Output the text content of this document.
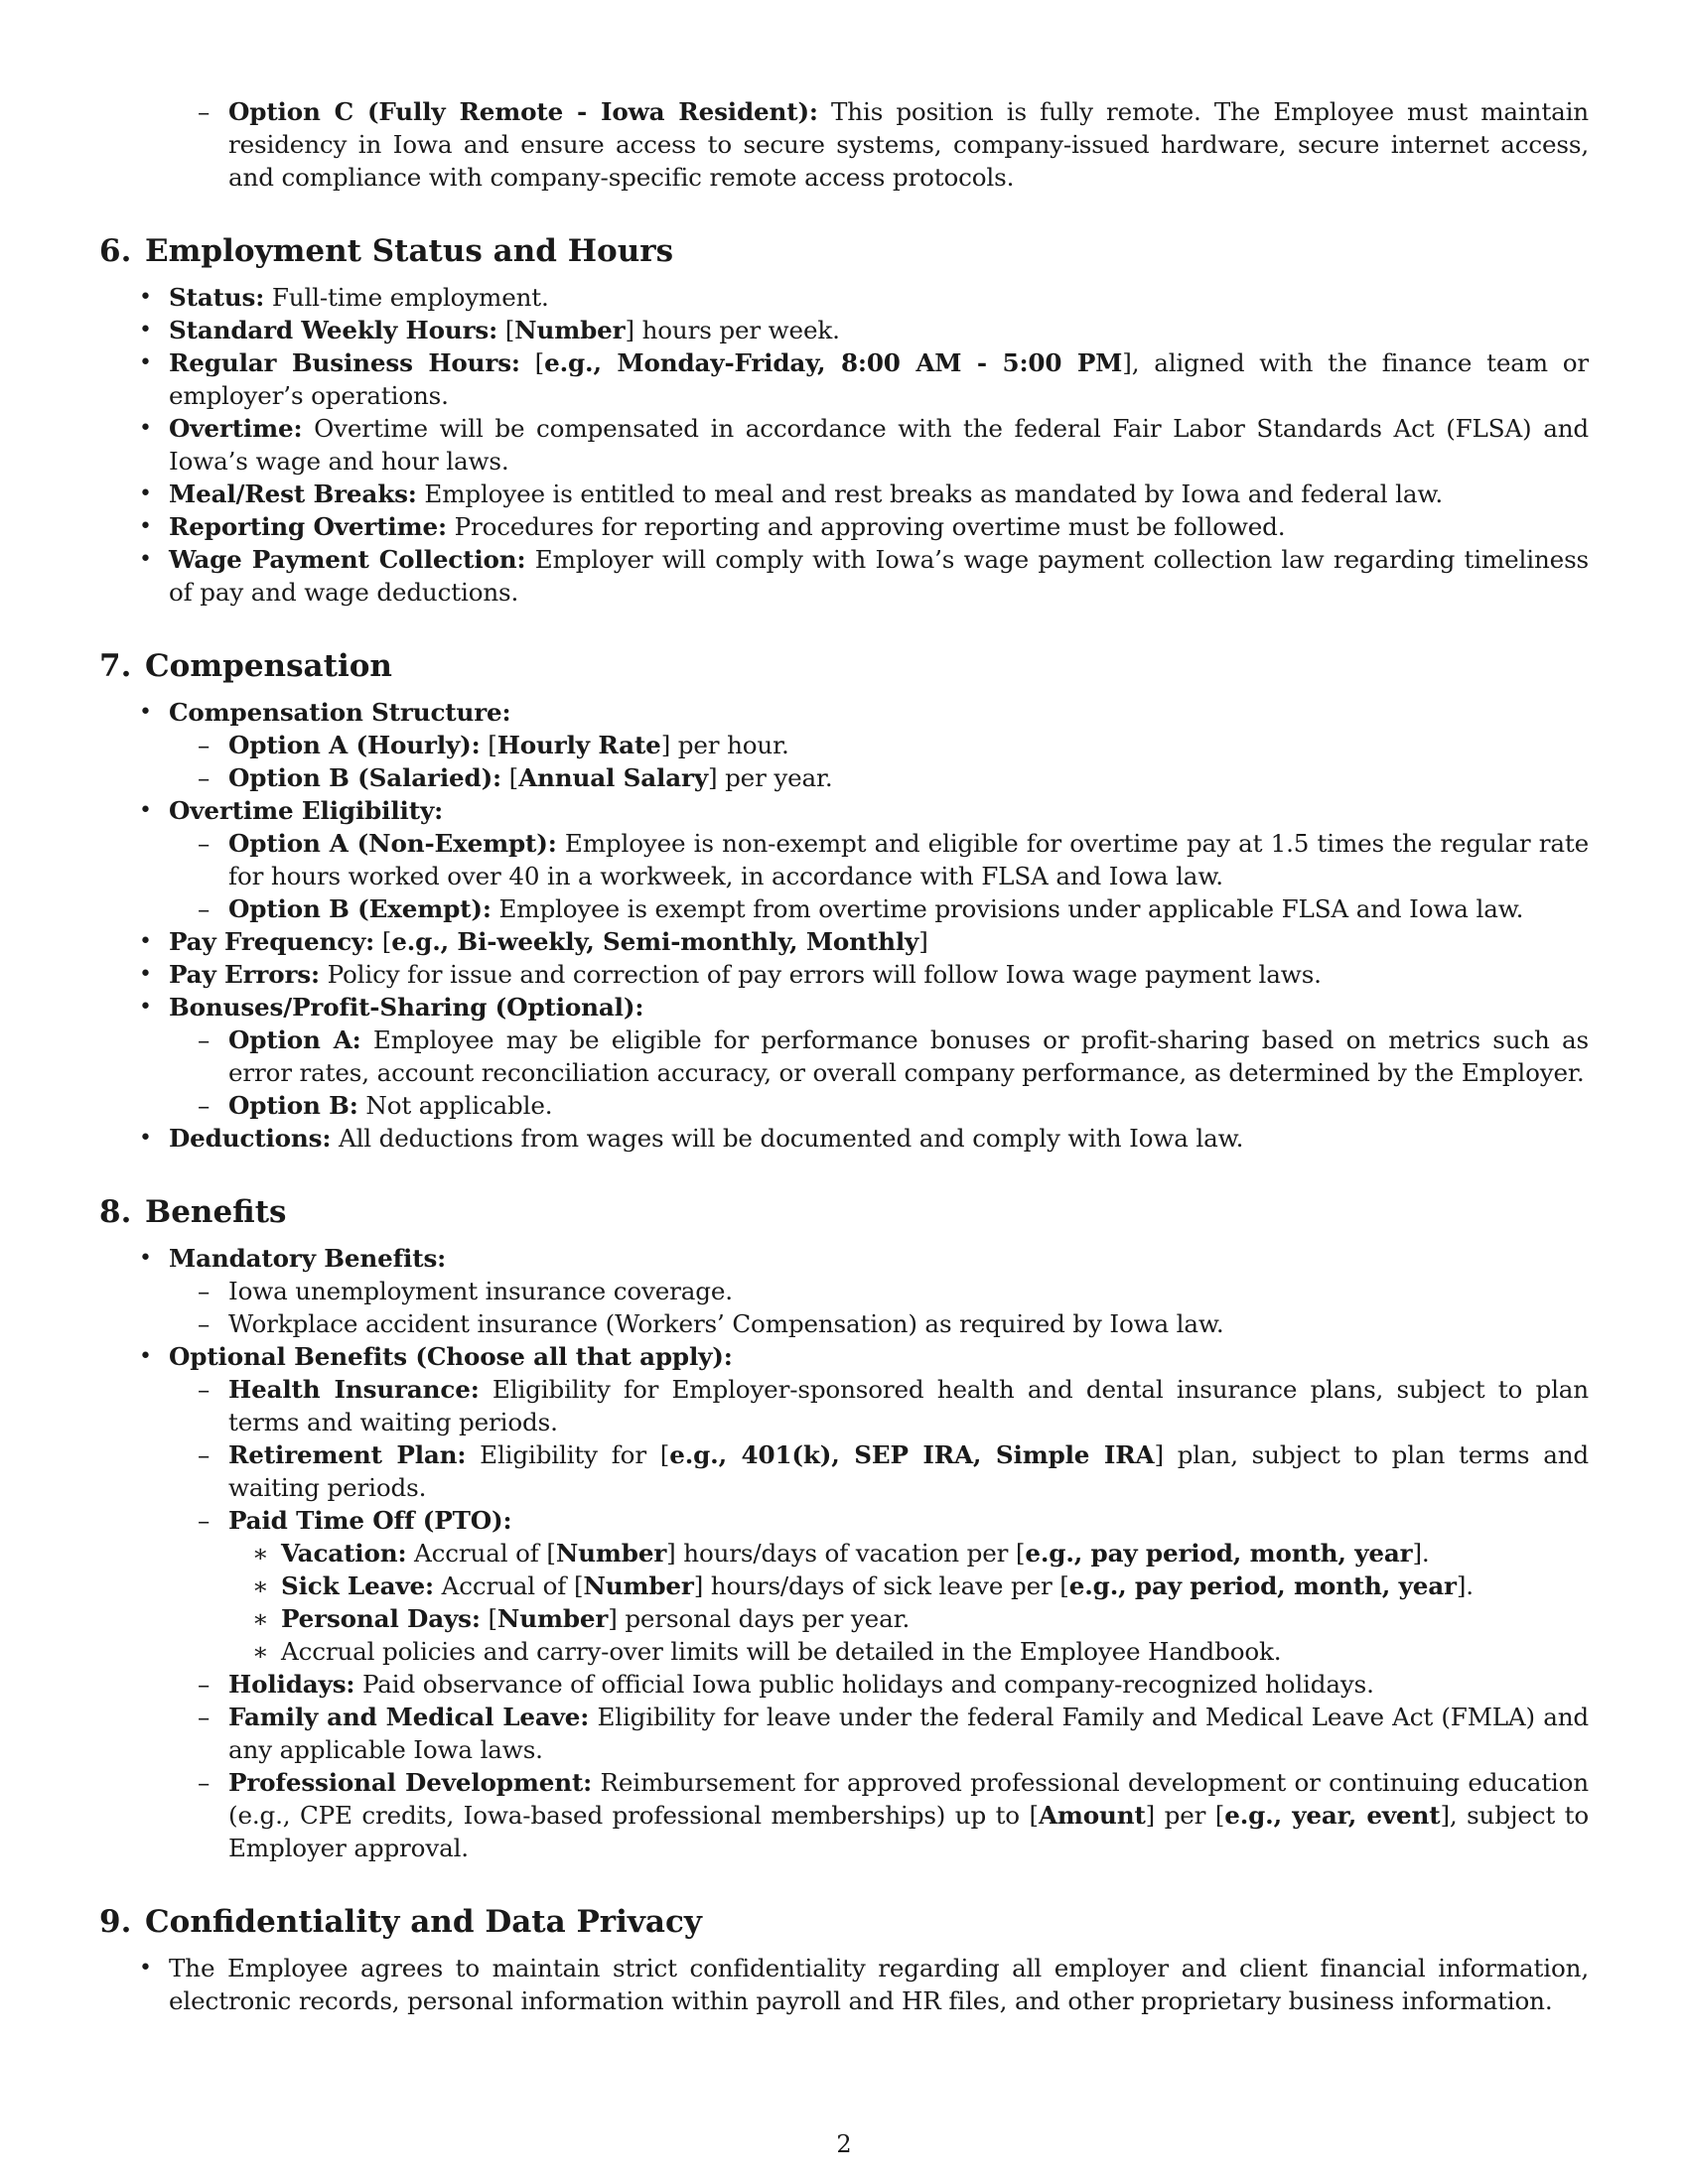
– Option C (Fully Remote - Iowa Resident): This position is fully remote. The Employee must maintain residency in Iowa and ensure access to secure systems, company-issued hardware, secure internet access, and compliance with company-specific remote access protocols.
6. Employment Status and Hours
• Status: Full-time employment.
• Standard Weekly Hours: [Number] hours per week.
• Regular Business Hours: [e.g., Monday-Friday, 8:00 AM - 5:00 PM], aligned with the finance team or employer’s operations.
• Overtime: Overtime will be compensated in accordance with the federal Fair Labor Standards Act (FLSA) and Iowa’s wage and hour laws.
• Meal/Rest Breaks: Employee is entitled to meal and rest breaks as mandated by Iowa and federal law.
• Reporting Overtime: Procedures for reporting and approving overtime must be followed.
• Wage Payment Collection: Employer will comply with Iowa’s wage payment collection law regarding timeliness of pay and wage deductions.
7. Compensation
• Compensation Structure:
– Option A (Hourly): [Hourly Rate] per hour.
– Option B (Salaried): [Annual Salary] per year.
• Overtime Eligibility:
– Option A (Non-Exempt): Employee is non-exempt and eligible for overtime pay at 1.5 times the regular rate for hours worked over 40 in a workweek, in accordance with FLSA and Iowa law.
– Option B (Exempt): Employee is exempt from overtime provisions under applicable FLSA and Iowa law.
• Pay Frequency: [e.g., Bi-weekly, Semi-monthly, Monthly]
• Pay Errors: Policy for issue and correction of pay errors will follow Iowa wage payment laws.
• Bonuses/Profit-Sharing (Optional):
– Option A: Employee may be eligible for performance bonuses or profit-sharing based on metrics such as error rates, account reconciliation accuracy, or overall company performance, as determined by the Employer.
– Option B: Not applicable.
• Deductions: All deductions from wages will be documented and comply with Iowa law.
8. Benefits
• Mandatory Benefits:
– Iowa unemployment insurance coverage.
– Workplace accident insurance (Workers’ Compensation) as required by Iowa law.
• Optional Benefits (Choose all that apply):
– Health Insurance: Eligibility for Employer-sponsored health and dental insurance plans, subject to plan terms and waiting periods.
– Retirement Plan: Eligibility for [e.g., 401(k), SEP IRA, Simple IRA] plan, subject to plan terms and waiting periods.
– Paid Time Off (PTO):
∗ Vacation: Accrual of [Number] hours/days of vacation per [e.g., pay period, month, year].
∗ Sick Leave: Accrual of [Number] hours/days of sick leave per [e.g., pay period, month, year].
∗ Personal Days: [Number] personal days per year.
∗ Accrual policies and carry-over limits will be detailed in the Employee Handbook.
– Holidays: Paid observance of official Iowa public holidays and company-recognized holidays.
– Family and Medical Leave: Eligibility for leave under the federal Family and Medical Leave Act (FMLA) and any applicable Iowa laws.
– Professional Development: Reimbursement for approved professional development or continuing education (e.g., CPE credits, Iowa-based professional memberships) up to [Amount] per [e.g., year, event], subject to Employer approval.
9. Confidentiality and Data Privacy
• The Employee agrees to maintain strict confidentiality regarding all employer and client financial information, electronic records, personal information within payroll and HR files, and other proprietary business information.
2
